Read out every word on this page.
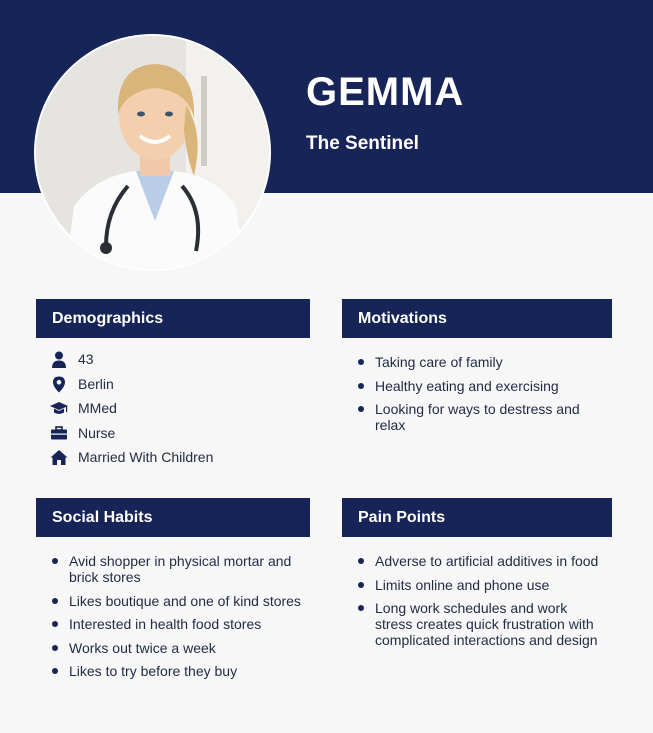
GEMMA
The Sentinel
Demographics
43
Berlin
MMed
Nurse
Married With Children
Motivations
Taking care of family
Healthy eating and exercising
Looking for ways to destress and relax
Social Habits
Avid shopper in physical mortar and brick stores
Likes boutique and one of kind stores
Interested in health food stores
Works out twice a week
Likes to try before they buy
Pain Points
Adverse to artificial additives in food
Limits online and phone use
Long work schedules and work stress creates quick frustration with complicated interactions and design
